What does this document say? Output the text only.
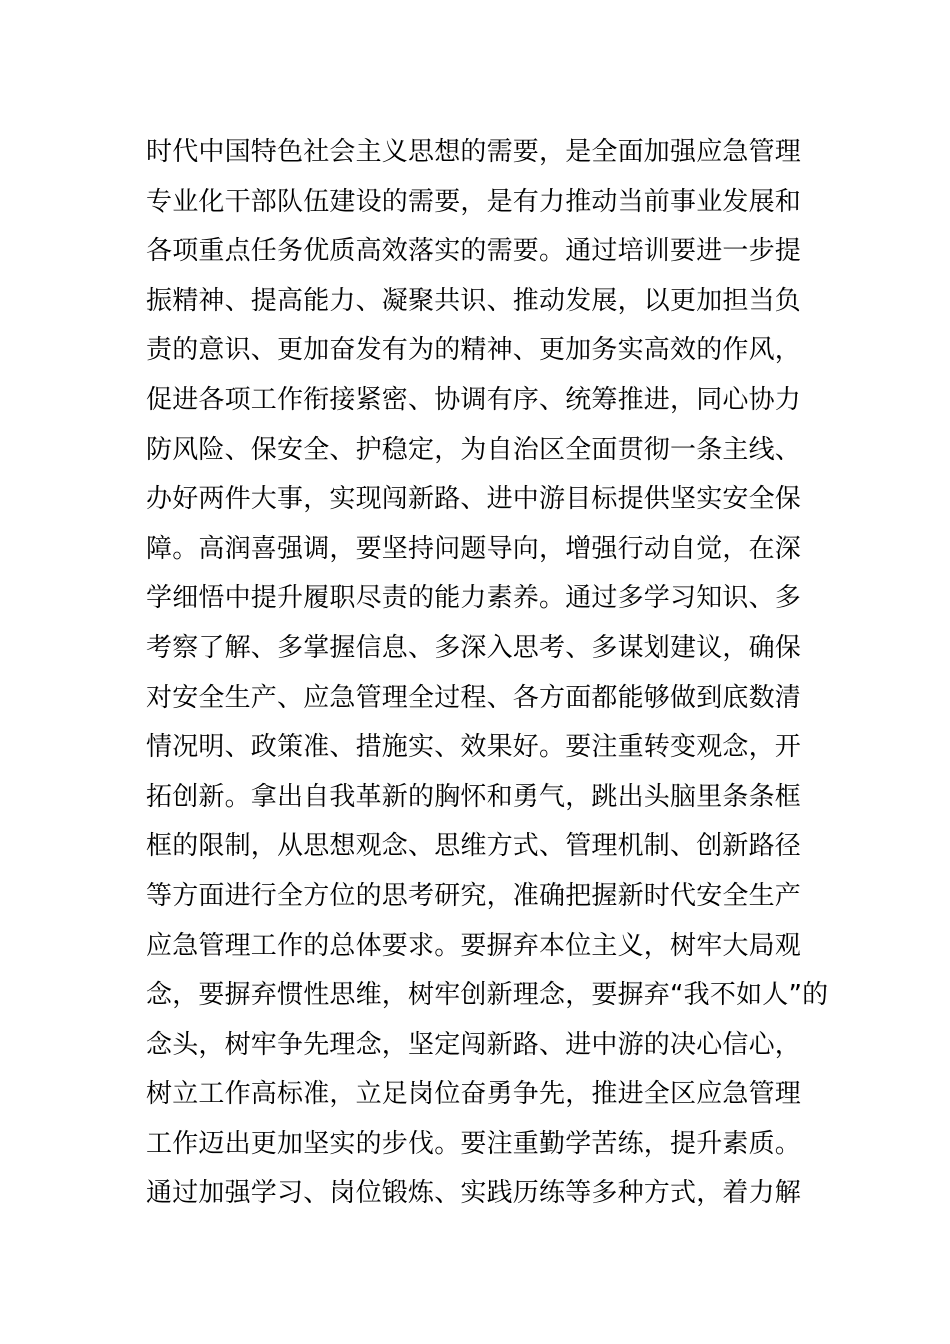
时代中国特色社会主义思想的需要，是全面加强应急管理
专业化干部队伍建设的需要，是有力推动当前事业发展和
各项重点任务优质高效落实的需要。通过培训要进一步提
振精神、提高能力、凝聚共识、推动发展，以更加担当负
责的意识、更加奋发有为的精神、更加务实高效的作风，
促进各项工作衔接紧密、协调有序、统筹推进，同心协力
防风险、保安全、护稳定，为自治区全面贯彻一条主线、
办好两件大事，实现闯新路、进中游目标提供坚实安全保
障。高润喜强调，要坚持问题导向，增强行动自觉，在深
学细悟中提升履职尽责的能力素养。通过多学习知识、多
考察了解、多掌握信息、多深入思考、多谋划建议，确保
对安全生产、应急管理全过程、各方面都能够做到底数清
情况明、政策准、措施实、效果好。要注重转变观念，开
拓创新。拿出自我革新的胸怀和勇气，跳出头脑里条条框
框的限制，从思想观念、思维方式、管理机制、创新路径
等方面进行全方位的思考研究，准确把握新时代安全生产
应急管理工作的总体要求。要摒弃本位主义，树牢大局观
念，要摒弃惯性思维，树牢创新理念，要摒弃“我不如人”的
念头，树牢争先理念，坚定闯新路、进中游的决心信心，
树立工作高标准，立足岗位奋勇争先，推进全区应急管理
工作迈出更加坚实的步伐。要注重勤学苦练，提升素质。
通过加强学习、岗位锻炼、实践历练等多种方式，着力解
